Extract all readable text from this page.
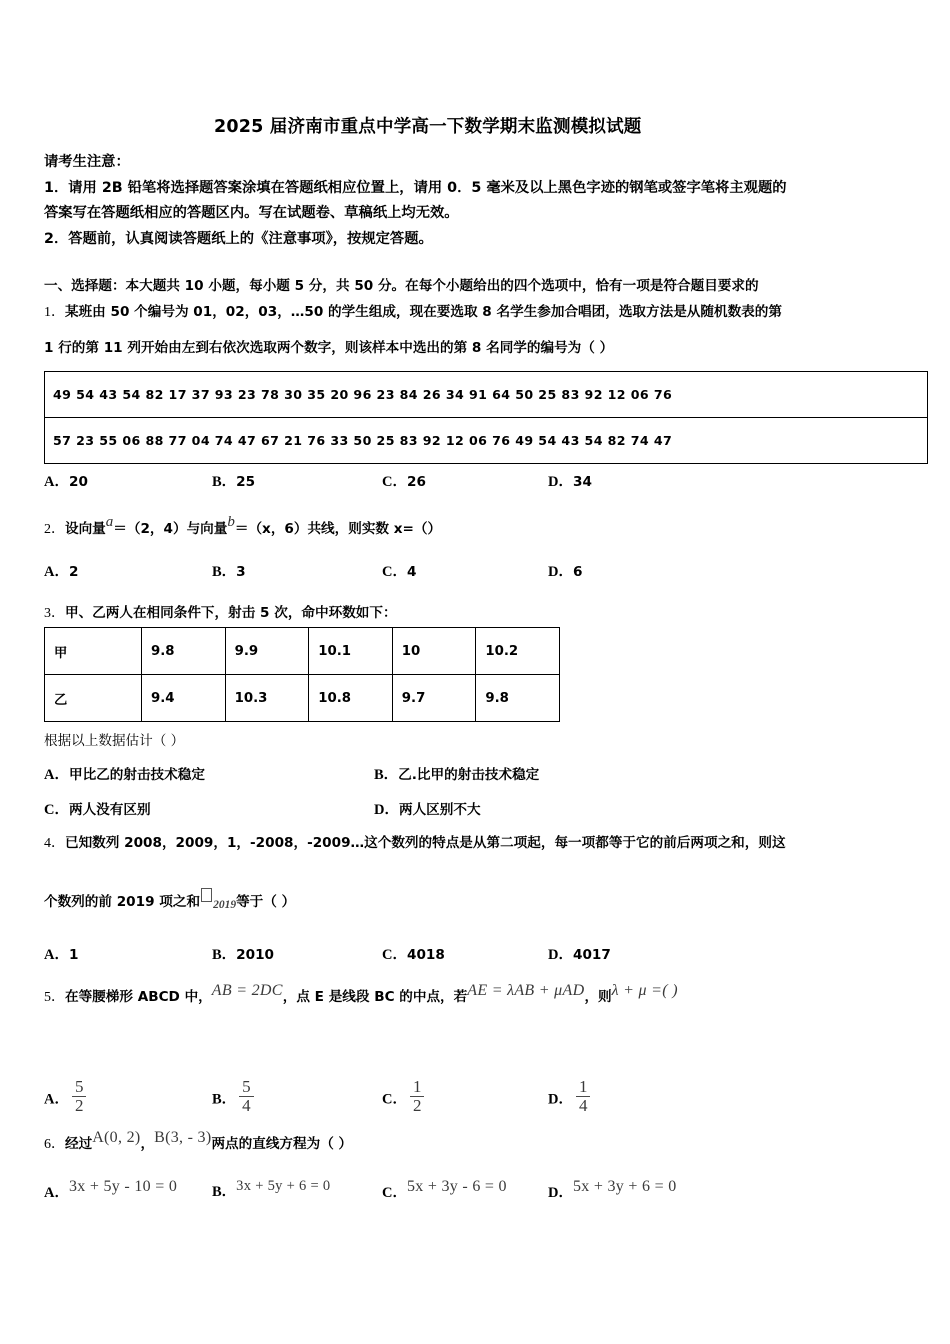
2025 届济南市重点中学高一下数学期末监测模拟试题
请考生注意：
1．请用 2B 铅笔将选择题答案涂填在答题纸相应位置上，请用 0．5 毫米及以上黑色字迹的钢笔或签字笔将主观题的
答案写在答题纸相应的答题区内。写在试题卷、草稿纸上均无效。
2．答题前，认真阅读答题纸上的《注意事项》，按规定答题。
一、选择题：本大题共 10 小题，每小题 5 分，共 50 分。在每个小题给出的四个选项中，恰有一项是符合题目要求的
1．某班由 50 个编号为 01，02，03，…50 的学生组成，现在要选取 8 名学生参加合唱团，选取方法是从随机数表的第
1 行的第 11 列开始由左到右依次选取两个数字，则该样本中选出的第 8 名同学的编号为（ ）
49 54 43 54 82 17 37 93 23 78 30 35 20 96 23 84 26 34 91 64 50 25 83 92 12 06 76
57 23 55 06 88 77 04 74 47 67 21 76 33 50 25 83 92 12 06 76 49 54 43 54 82 74 47
A．20	B．25	C．26	D．34
2．设向量a＝（2，4）与向量b＝（x，6）共线，则实数 x=（）
A．2	B．3	C．4	D．6
3．甲、乙两人在相同条件下，射击 5 次，命中环数如下：
甲	9.8	9.9	10.1	10	10.2
乙	9.4	10.3	10.8	9.7	9.8
根据以上数据估计（ ）
A．甲比乙的射击技术稳定	B．乙.比甲的射击技术稳定
C．两人没有区别	D．两人区别不大
4．已知数列 2008，2009，1，-2008，-2009…这个数列的特点是从第二项起，每一项都等于它的前后两项之和，则这
个数列的前 2019 项之和 2019等于（ ）
A．1	B．2010	C．4018	D．4017
5．在等腰梯形 ABCD 中，AB = 2DC，点 E 是线段 BC 的中点，若AE = λAB + μAD，则λ + μ =( )
A． $\frac{5}{2}$	B． $\frac{5}{4}$	C． $\frac{1}{2}$	D． $\frac{1}{4}$
6．经过A(0, 2)，B(3, - 3)两点的直线方程为（ ）
A．3x + 5y - 10 = 0 B．3x + 5y + 6 = 0	C．5x + 3y - 6 = 0	D．5x + 3y + 6 = 0
